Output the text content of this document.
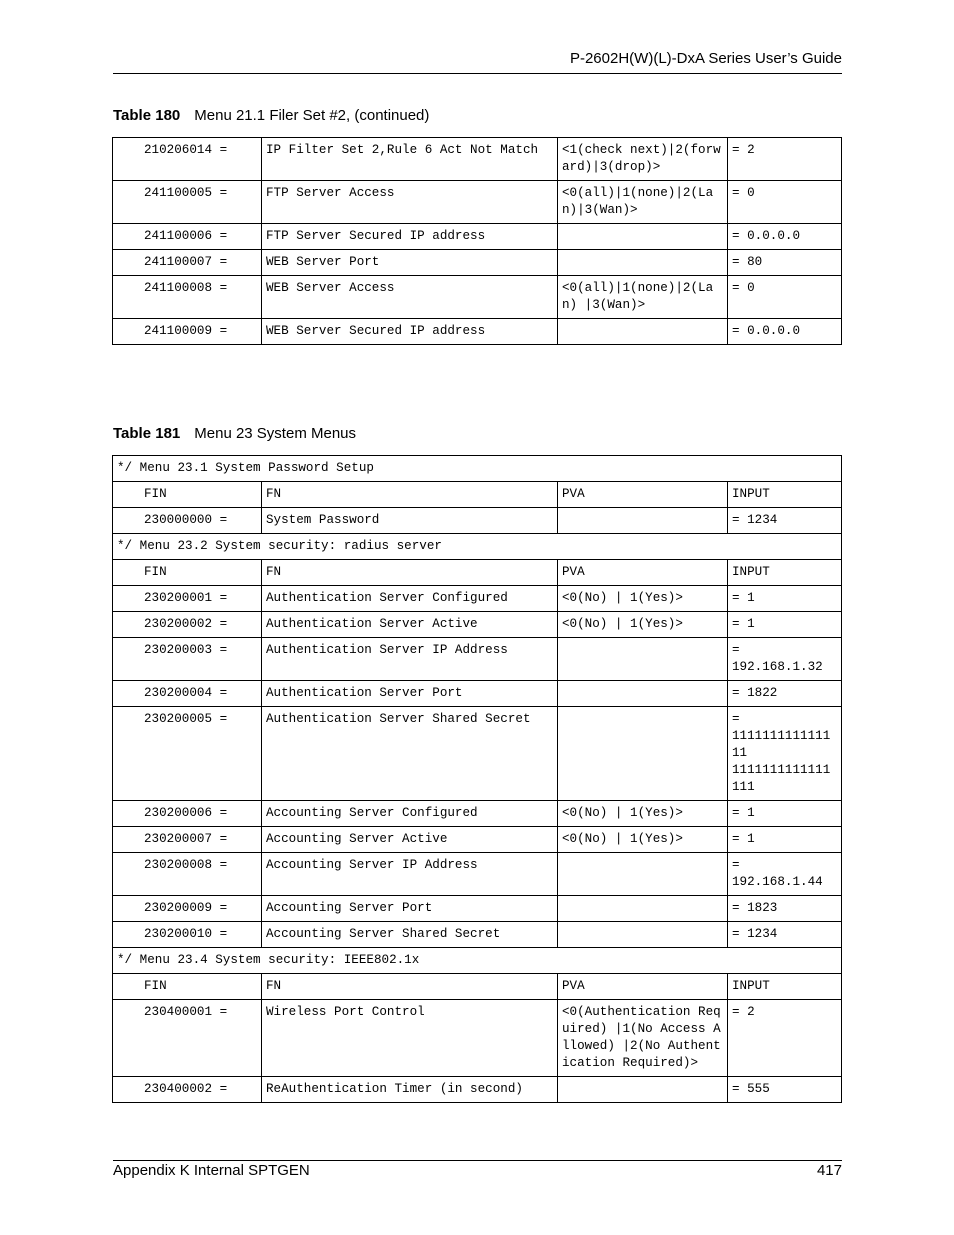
P-2602H(W)(L)-DxA Series User’s Guide
Table 180 Menu 21.1 Filer Set #2, (continued)
210206014 =	IP Filter Set 2,Rule 6 Act Not Match	<1(check next)|2(forward)|3(drop)>	= 2
241100005 =	FTP Server Access	<0(all)|1(none)|2(Lan)|3(Wan)>	= 0
241100006 =	FTP Server Secured IP address		= 0.0.0.0
241100007 =	WEB Server Port		= 80
241100008 =	WEB Server Access	<0(all)|1(none)|2(Lan) |3(Wan)>	= 0
241100009 =	WEB Server Secured IP address		= 0.0.0.0
Table 181 Menu 23 System Menus
*/ Menu 23.1 System Password Setup			
FIN	FN	PVA	INPUT
230000000 =	System Password		= 1234
*/ Menu 23.2 System security: radius server			
FIN	FN	PVA	INPUT
230200001 =	Authentication Server Configured	<0(No) | 1(Yes)>	= 1
230200002 =	Authentication Server Active	<0(No) | 1(Yes)>	= 1
230200003 =	Authentication Server IP Address		=
192.168.1.32
230200004 =	Authentication Server Port		= 1822
230200005 =	Authentication Server Shared Secret		=
111111111111111
1111111111111111
230200006 =	Accounting Server Configured	<0(No) | 1(Yes)>	= 1
230200007 =	Accounting Server Active	<0(No) | 1(Yes)>	= 1
230200008 =	Accounting Server IP Address		=
192.168.1.44
230200009 =	Accounting Server Port		= 1823
230200010 =	Accounting Server Shared Secret		= 1234
*/ Menu 23.4 System security: IEEE802.1x			
FIN	FN	PVA	INPUT
230400001 =	Wireless Port Control	<0(Authentication Required) |1(No Access Allowed) |2(No Authentication Required)>	= 2
230400002 =	ReAuthentication Timer (in second)		= 555
Appendix K Internal SPTGEN	417
